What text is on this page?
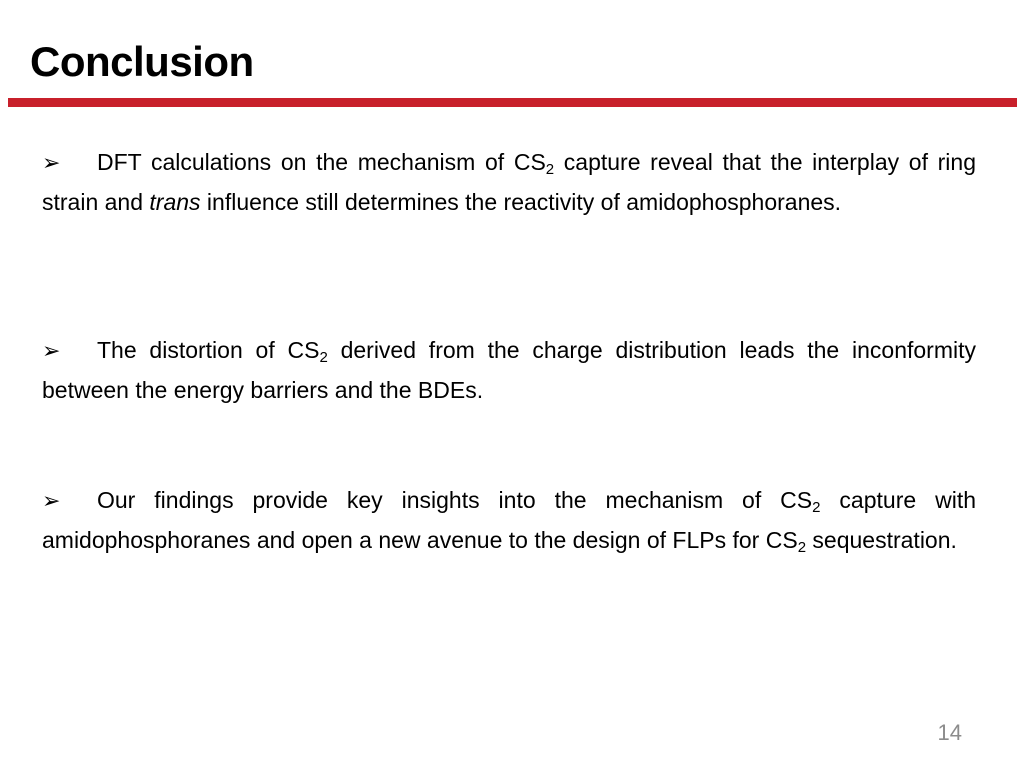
Conclusion

➢ DFT calculations on the mechanism of $CS_2$ capture reveal that the interplay of ring strain and trans influence still determines the reactivity of amidophosphoranes.

➢ The distortion of $CS_2$ derived from the charge distribution leads the inconformity between the energy barriers and the BDEs.

➢ Our findings provide key insights into the mechanism of $CS_2$ capture with amidophosphoranes and open a new avenue to the design of FLPs for $CS_2$ sequestration.

14
